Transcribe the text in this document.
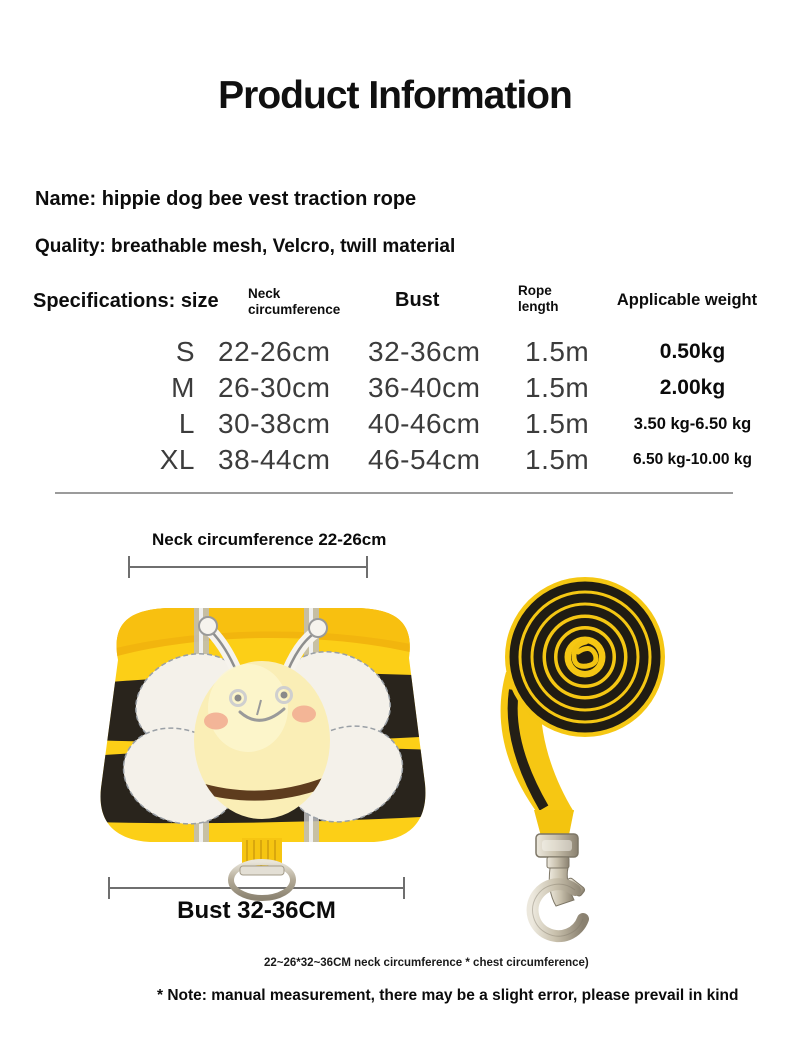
Product Information
Name: hippie dog bee vest traction rope
Quality: breathable mesh, Velcro, twill material
Specifications: size Neck circumference	Bust	Rope length	Applicable weight
S 22-26cm	32-36cm	1.5m	0.50kg
M 26-30cm	36-40cm	1.5m	2.00kg
L 30-38cm	40-46cm	1.5m	3.50 kg-6.50 kg
XL 38-44cm	46-54cm	1.5m	6.50 kg-10.00 kg
Neck circumference 22-26cm
Bust 32-36CM
22~26*32~36CM neck circumference * chest circumference)
* Note: manual measurement, there may be a slight error, please prevail in kind
